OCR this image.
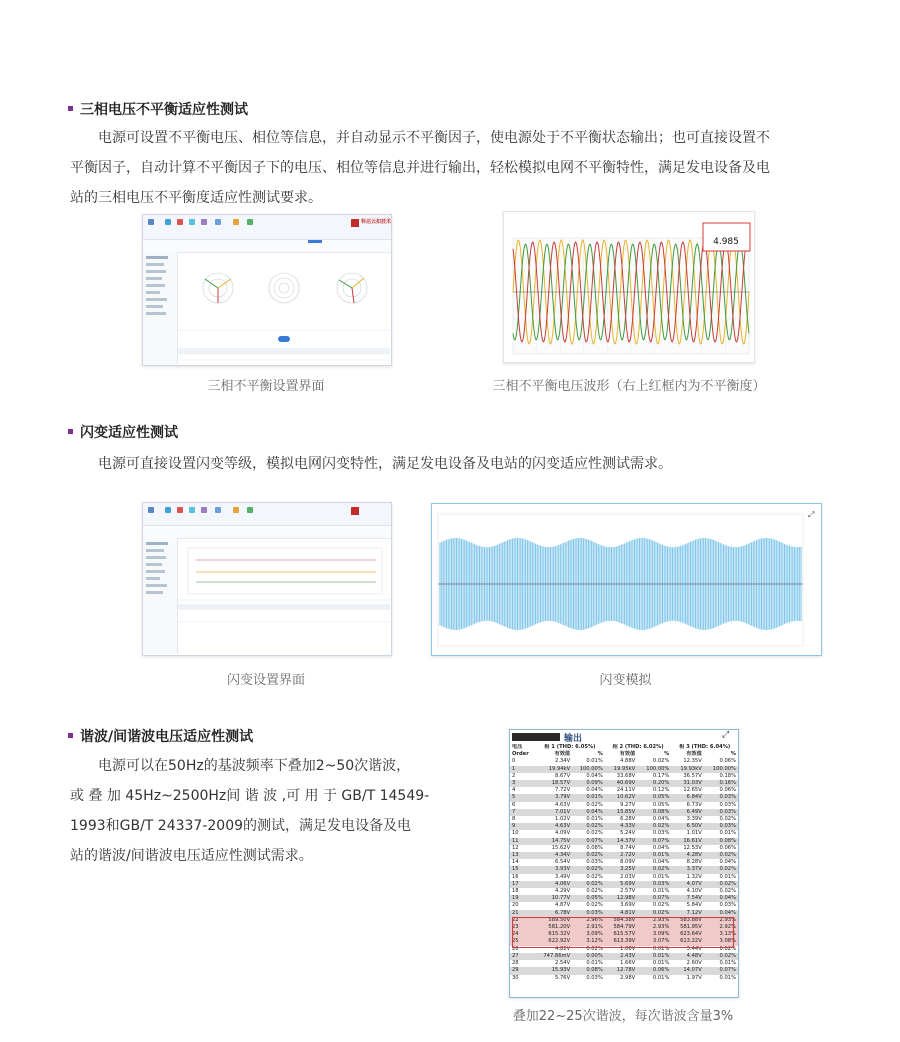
三相电压不平衡适应性测试
电源可设置不平衡电压、相位等信息，并自动显示不平衡因子，使电源处于不平衡状态输出；也可直接设置不
平衡因子，自动计算不平衡因子下的电压、相位等信息并进行输出，轻松模拟电网不平衡特性，满足发电设备及电
站的三相电压不平衡度适应性测试要求。
科达云扣技术
4.985
三相不平衡设置界面	三相不平衡电压波形（右上红框内为不平衡度）
闪变适应性测试
电源可直接设置闪变等级，模拟电网闪变特性，满足发电设备及电站的闪变适应性测试需求。
⤢
闪变设置界面	闪变模拟
谐波/间谐波电压适应性测试
电源可以在50Hz的基波频率下叠加2~50次谐波，
或 叠 加 45Hz~2500Hz间 谐 波 ,可 用 于 GB/T 14549-
1993和GB/T 24337-2009的测试，满足发电设备及电
站的谐波/间谐波电压适应性测试需求。
输出	⤢
电压	相 1 (THD: 6.05%)		相 2 (THD: 6.02%)		相 3 (THD: 6.04%)	
Order	有效值	%	有效值	%	有效值	%
0	2.34V	0.01%	4.88V	0.02%	12.35V	0.06%
1	19.94kV	100.00%	19.95kV	100.00%	19.93kV	100.00%
2	8.67V	0.04%	33.68V	0.17%	36.57V	0.18%
3	18.57V	0.09%	40.69V	0.20%	31.03V	0.16%
4	7.72V	0.04%	24.11V	0.12%	12.65V	0.06%
5	3.79V	0.01%	10.62V	0.05%	6.84V	0.03%
6	4.63V	0.02%	9.27V	0.05%	6.73V	0.03%
7	7.01V	0.04%	15.85V	0.08%	6.49V	0.03%
8	1.02V	0.01%	6.28V	0.04%	3.39V	0.02%
9	4.63V	0.02%	4.33V	0.02%	6.50V	0.03%
10	4.09V	0.02%	5.24V	0.03%	1.01V	0.01%
11	14.75V	0.07%	14.37V	0.07%	16.61V	0.08%
12	15.62V	0.08%	8.74V	0.04%	12.53V	0.06%
13	4.34V	0.02%	2.72V	0.01%	4.28V	0.02%
14	6.54V	0.03%	8.09V	0.04%	8.28V	0.04%
15	3.93V	0.02%	3.25V	0.02%	3.37V	0.02%
16	3.49V	0.02%	2.03V	0.01%	1.32V	0.01%
17	4.06V	0.02%	5.69V	0.03%	4.07V	0.02%
18	4.29V	0.02%	2.57V	0.01%	4.10V	0.02%
19	10.77V	0.05%	12.98V	0.07%	7.54V	0.04%
20	4.87V	0.02%	3.69V	0.02%	5.84V	0.03%
21	6.78V	0.03%	4.81V	0.02%	7.12V	0.04%
22	589.50V	2.96%	584.38V	2.93%	583.88V	2.93%
23	581.20V	2.91%	584.79V	2.93%	581.95V	2.92%
24	615.32V	3.09%	615.57V	3.09%	623.64V	3.13%
25	622.92V	3.12%	613.39V	3.07%	613.22V	3.08%
26	4.82V	0.02%	1.06V	0.01%	3.44V	0.02%
27	747.86mV	0.00%	2.43V	0.01%	4.48V	0.02%
28	2.54V	0.01%	1.66V	0.01%	2.60V	0.01%
29	15.93V	0.08%	12.78V	0.06%	14.07V	0.07%
30	5.76V	0.03%	2.98V	0.01%	1.97V	0.01%
叠加22~25次谐波，每次谐波含量3%
